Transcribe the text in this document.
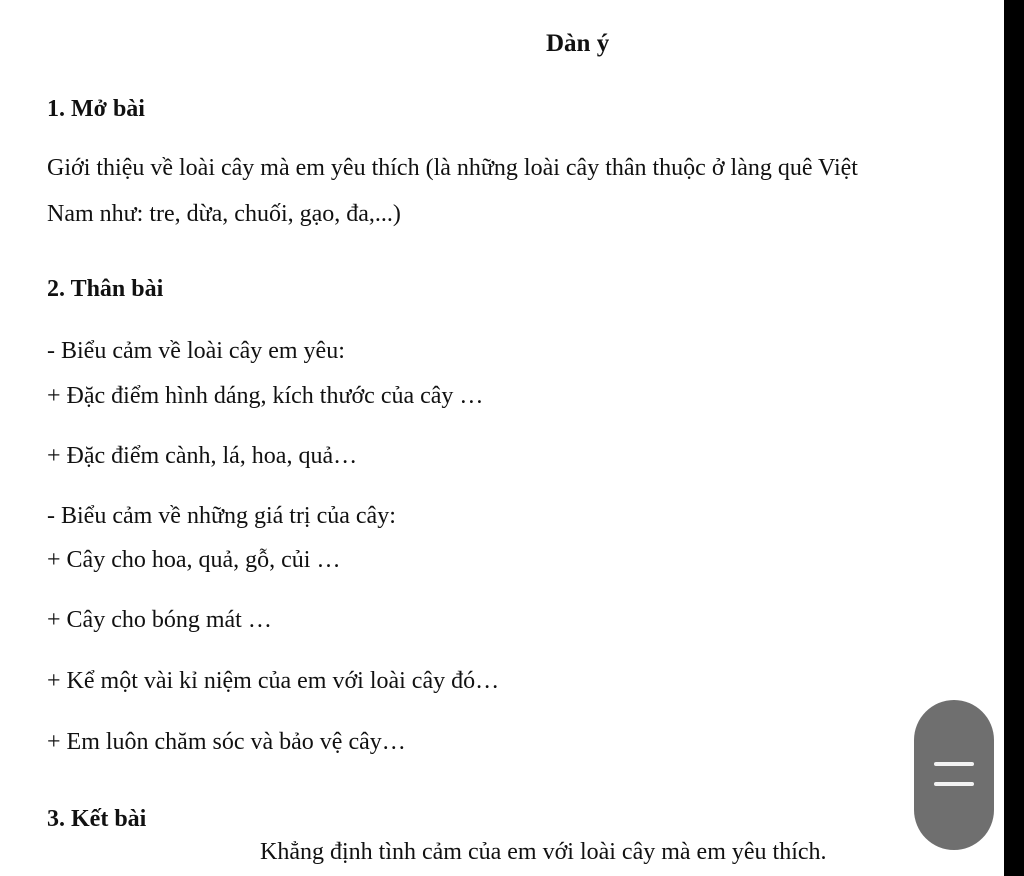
Dàn ý
1. Mở bài
Giới thiệu về loài cây mà em yêu thích (là những loài cây thân thuộc ở làng quê Việt
Nam như: tre, dừa, chuối, gạo, đa,...)
2. Thân bài
- Biểu cảm về loài cây em yêu:
+ Đặc điểm hình dáng, kích thước của cây …
+ Đặc điểm cành, lá, hoa, quả…
- Biểu cảm về những giá trị của cây:
+ Cây cho hoa, quả, gỗ, củi …
+ Cây cho bóng mát …
+ Kể một vài kỉ niệm của em với loài cây đó…
+ Em luôn chăm sóc và bảo vệ cây…
3. Kết bài
Khẳng định tình cảm của em với loài cây mà em yêu thích.
